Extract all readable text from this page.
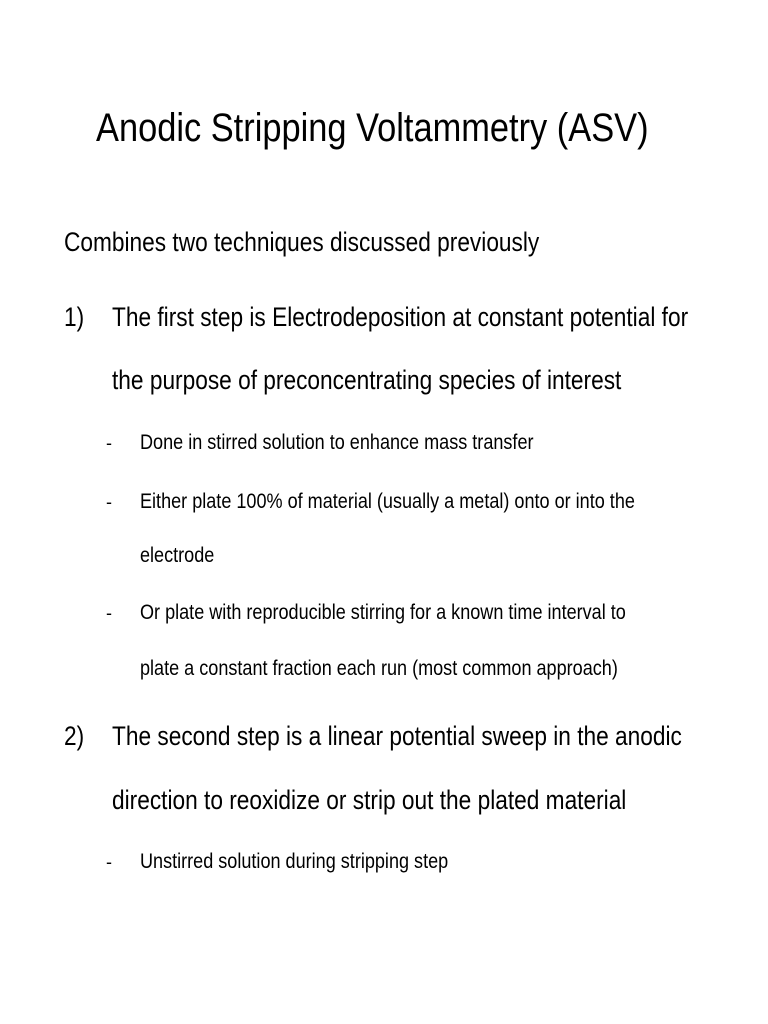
Anodic Stripping Voltammetry (ASV)
Combines two techniques discussed previously
1) The first step is Electrodeposition at constant potential for
the purpose of preconcentrating species of interest
- Done in stirred solution to enhance mass transfer
- Either plate 100% of material (usually a metal) onto or into the
electrode
- Or plate with reproducible stirring for a known time interval to
plate a constant fraction each run (most common approach)
2) The second step is a linear potential sweep in the anodic
direction to reoxidize or strip out the plated material
- Unstirred solution during stripping step
